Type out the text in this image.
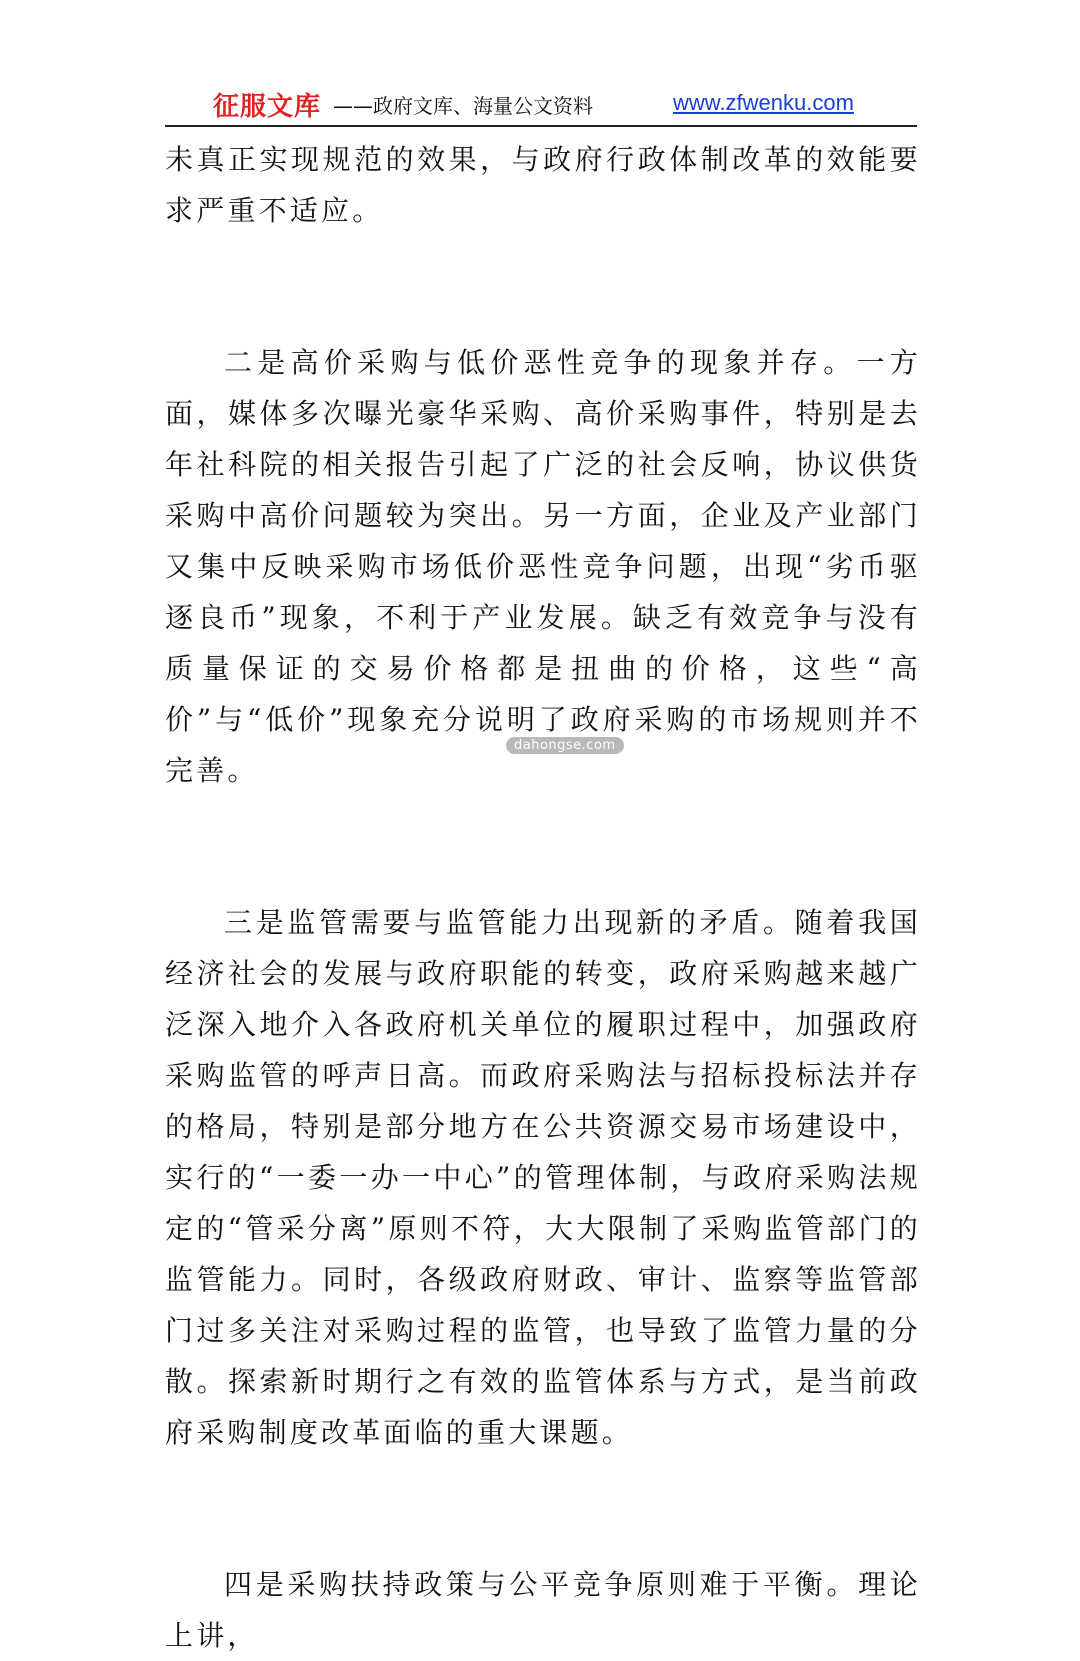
征服文库 ——政府文库、海量公文资料	www.zfwenku.com

未真正实现规范的效果，与政府行政体制改革的效能要求严重不适应。

二是高价采购与低价恶性竞争的现象并存。一方面，媒体多次曝光豪华采购、高价采购事件，特别是去年社科院的相关报告引起了广泛的社会反响，协议供货采购中高价问题较为突出。另一方面，企业及产业部门又集中反映采购市场低价恶性竞争问题，出现“劣币驱逐良币”现象，不利于产业发展。缺乏有效竞争与没有质量保证的交易价格都是扭曲的价格，这些“高价”与“低价”现象充分说明了政府采购的市场规则并不完善。

三是监管需要与监管能力出现新的矛盾。随着我国经济社会的发展与政府职能的转变，政府采购越来越广泛深入地介入各政府机关单位的履职过程中，加强政府采购监管的呼声日高。而政府采购法与招标投标法并存的格局，特别是部分地方在公共资源交易市场建设中，实行的“一委一办一中心”的管理体制，与政府采购法规定的“管采分离”原则不符，大大限制了采购监管部门的监管能力。同时，各级政府财政、审计、监察等监管部门过多关注对采购过程的监管，也导致了监管力量的分散。探索新时期行之有效的监管体系与方式，是当前政府采购制度改革面临的重大课题。

四是采购扶持政策与公平竞争原则难于平衡。理论上讲，

dahongse.com
